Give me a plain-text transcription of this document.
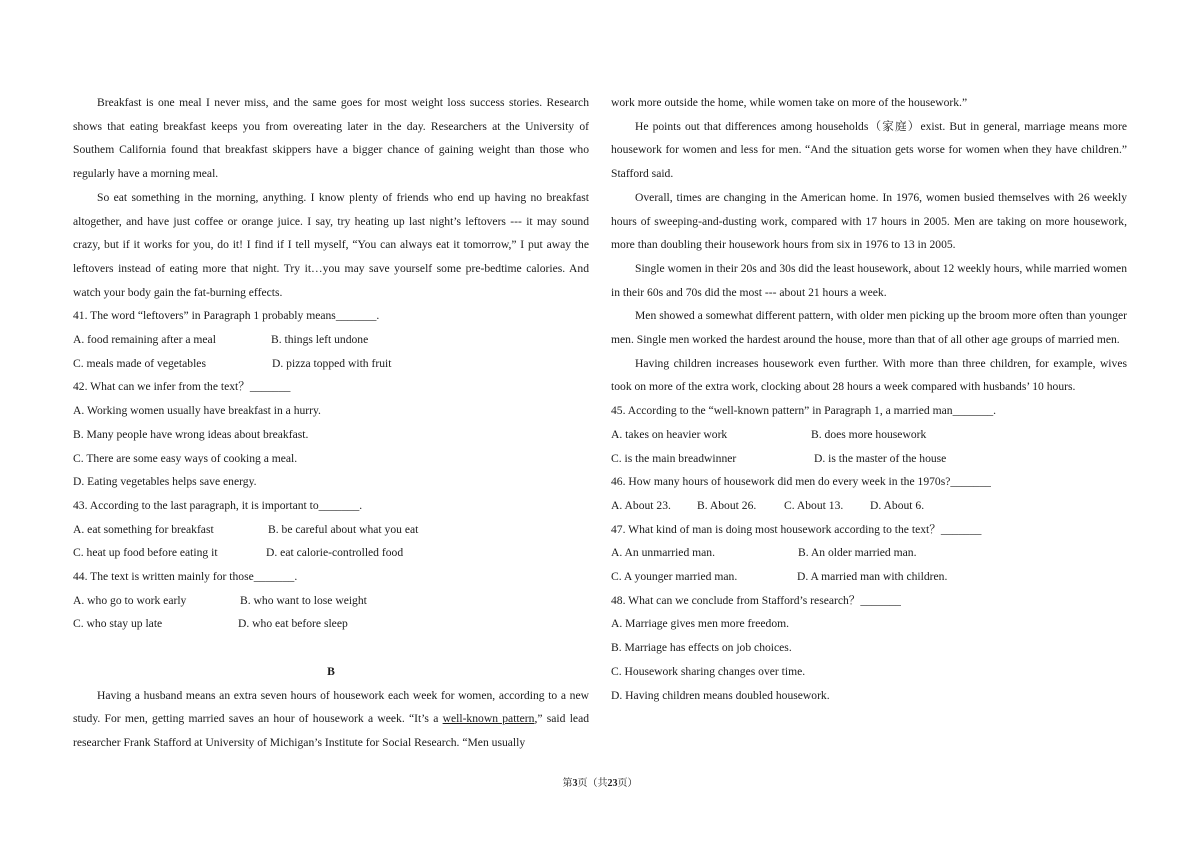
Breakfast is one meal I never miss, and the same goes for most weight loss success stories. Research shows that eating breakfast keeps you from overeating later in the day. Researchers at the University of Southem California found that breakfast skippers have a bigger chance of gaining weight than those who regularly have a morning meal.

So eat something in the morning, anything. I know plenty of friends who end up having no breakfast altogether, and have just coffee or orange juice. I say, try heating up last night’s leftovers --- it may sound crazy, but if it works for you, do it! I find if I tell myself, “You can always eat it tomorrow,” I put away the leftovers instead of eating more that night. Try it…you may save yourself some pre-bedtime calories. And watch your body gain the fat-burning effects.

41. The word “leftovers” in Paragraph 1 probably means_______.

A. food remaining after a meal	B. things left undone
C. meals made of vegetables	D. pizza topped with fruit

42. What can we infer from the text？_______

A. Working women usually have breakfast in a hurry.

B. Many people have wrong ideas about breakfast.

C. There are some easy ways of cooking a meal.

D. Eating vegetables helps save energy.

43. According to the last paragraph, it is important to_______.

A. eat something for breakfast	B. be careful about what you eat
C. heat up food before eating it	D. eat calorie-controlled food

44. The text is written mainly for those_______.

A. who go to work early	B. who want to lose weight
C. who stay up late	D. who eat before sleep

B

Having a husband means an extra seven hours of housework each week for women, according to a new study. For men, getting married saves an hour of housework a week. “It’s a well-known pattern,” said lead researcher Frank Stafford at University of Michigan’s Institute for Social Research. “Men usually

work more outside the home, while women take on more of the housework.”

He points out that differences among households（家庭）exist. But in general, marriage means more housework for women and less for men. “And the situation gets worse for women when they have children.” Stafford said.

Overall, times are changing in the American home. In 1976, women busied themselves with 26 weekly hours of sweeping-and-dusting work, compared with 17 hours in 2005. Men are taking on more housework, more than doubling their housework hours from six in 1976 to 13 in 2005.

Single women in their 20s and 30s did the least housework, about 12 weekly hours, while married women in their 60s and 70s did the most --- about 21 hours a week.

Men showed a somewhat different pattern, with older men picking up the broom more often than younger men. Single men worked the hardest around the house, more than that of all other age groups of married men.

Having children increases housework even further. With more than three children, for example, wives took on more of the extra work, clocking about 28 hours a week compared with husbands’ 10 hours.

45. According to the “well-known pattern” in Paragraph 1, a married man_______.

A. takes on heavier work	B. does more housework
C. is the main breadwinner	D. is the master of the house

46. How many hours of housework did men do every week in the 1970s?_______

A. About 23.	B. About 26.	C. About 13.	D. About 6.

47. What kind of man is doing most housework according to the text？_______

A. An unmarried man.	B. An older married man.
C. A younger married man.	D. A married man with children.

48. What can we conclude from Stafford’s research？_______

A. Marriage gives men more freedom.

B. Marriage has effects on job choices.

C. Housework sharing changes over time.

D. Having children means doubled housework.

第3页（共23页）
